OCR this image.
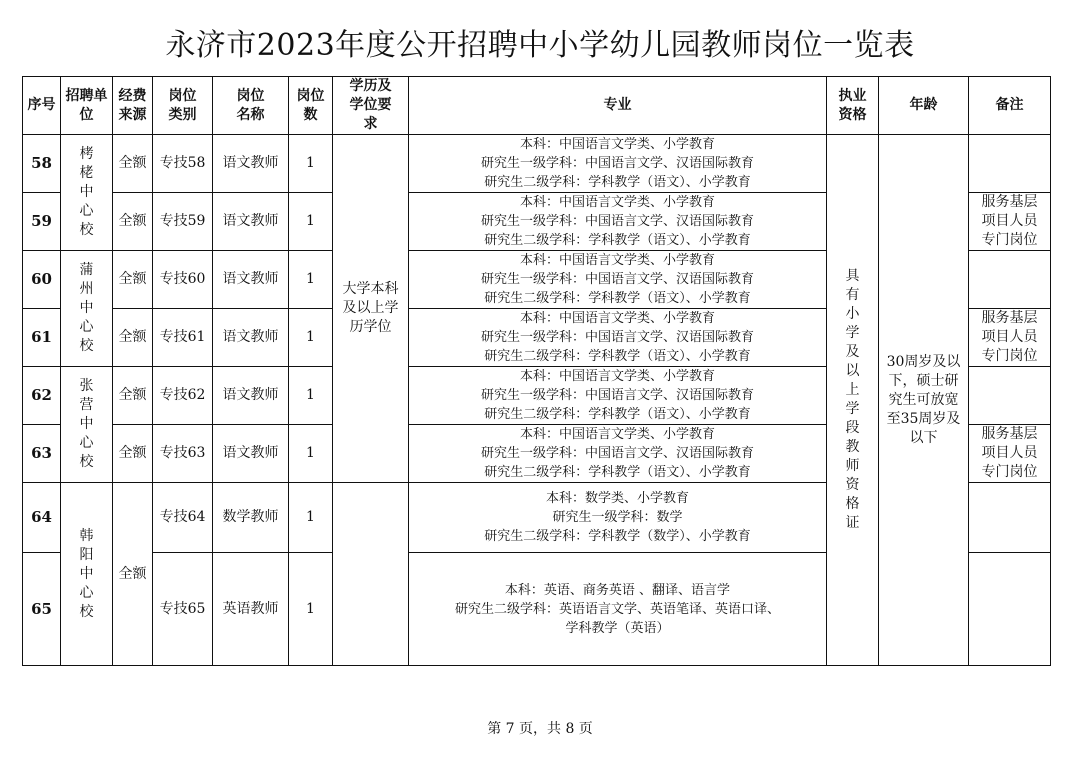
永济市2023年度公开招聘中小学幼儿园教师岗位一览表
序号	招聘单位	经费来源	岗位类别	岗位名称	岗位数	学历及学位要求	专业	执业资格	年龄	备注
58	栲栳中心校	全额	专技58	语文教师	1	大学本科及以上学历学位	本科：中国语言文学类、小学教育
研究生一级学科：中国语言文学、汉语国际教育
研究生二级学科：学科教学（语文）、小学教育	具有小学及以上学段教师资格证	30周岁及以下，硕士研究生可放宽至35周岁及以下	
59		全额	专技59	语文教师	1		本科：中国语言文学类、小学教育
研究生一级学科：中国语言文学、汉语国际教育
研究生二级学科：学科教学（语文）、小学教育			服务基层项目人员专门岗位
60	蒲州中心校	全额	专技60	语文教师	1		本科：中国语言文学类、小学教育
研究生一级学科：中国语言文学、汉语国际教育
研究生二级学科：学科教学（语文）、小学教育			

61		全额	专技61	语文教师	1		本科：中国语言文学类、小学教育
研究生一级学科：中国语言文学、汉语国际教育
研究生二级学科：学科教学（语文）、小学教育			服务基层项目人员专门岗位
62	张营中心校	全额	专技62	语文教师	1		本科：中国语言文学类、小学教育
研究生一级学科：中国语言文学、汉语国际教育
研究生二级学科：学科教学（语文）、小学教育			

63		全额	专技63	语文教师	1		本科：中国语言文学类、小学教育
研究生一级学科：中国语言文学、汉语国际教育
研究生二级学科：学科教学（语文）、小学教育			服务基层项目人员专门岗位
64	韩阳中心校	全额	专技64	数学教师	1		本科：数学类、小学教育
研究生一级学科：数学
研究生二级学科：学科教学（数学）、小学教育			

65			专技65	英语教师	1		本科：英语、商务英语 、翻译、语言学
研究生二级学科：英语语言文学、英语笔译、英语口译、
学科教学（英语）			

第 7 页，共 8 页
